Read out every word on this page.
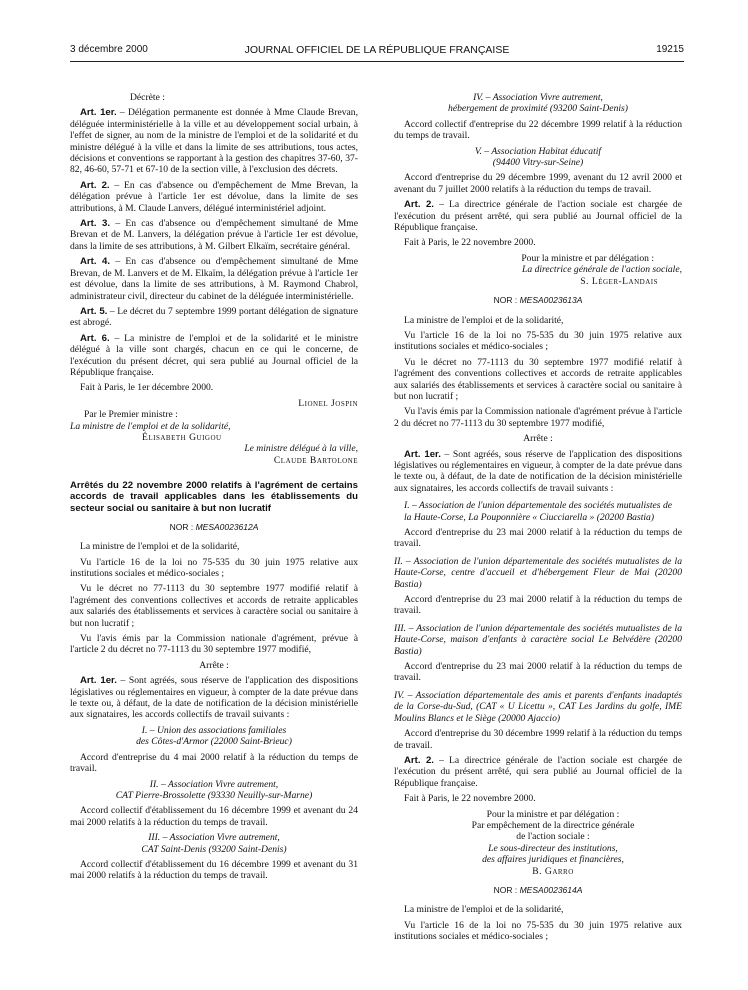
3 décembre 2000	JOURNAL OFFICIEL DE LA RÉPUBLIQUE FRANÇAISE	19215

Décrète :

Art. 1er. – Délégation permanente est donnée à Mme Claude Brevan, déléguée interministérielle à la ville et au développement social urbain, à l'effet de signer, au nom de la ministre de l'emploi et de la solidarité et du ministre délégué à la ville et dans la limite de ses attributions, tous actes, décisions et conventions se rapportant à la gestion des chapitres 37-60, 37-82, 46-60, 57-71 et 67-10 de la section ville, à l'exclusion des décrets.

Art. 2. – En cas d'absence ou d'empêchement de Mme Brevan, la délégation prévue à l'article 1er est dévolue, dans la limite de ses attributions, à M. Claude Lanvers, délégué interministériel adjoint.

Art. 3. – En cas d'absence ou d'empêchement simultané de Mme Brevan et de M. Lanvers, la délégation prévue à l'article 1er est dévolue, dans la limite de ses attributions, à M. Gilbert Elkaïm, secrétaire général.

Art. 4. – En cas d'absence ou d'empêchement simultané de Mme Brevan, de M. Lanvers et de M. Elkaïm, la délégation prévue à l'article 1er est dévolue, dans la limite de ses attributions, à M. Raymond Chabrol, administrateur civil, directeur du cabinet de la déléguée interministérielle.

Art. 5. – Le décret du 7 septembre 1999 portant délégation de signature est abrogé.

Art. 6. – La ministre de l'emploi et de la solidarité et le ministre délégué à la ville sont chargés, chacun en ce qui le concerne, de l'exécution du présent décret, qui sera publié au Journal officiel de la République française.

Fait à Paris, le 1er décembre 2000.

Lionel Jospin

Par le Premier ministre :

La ministre de l'emploi et de la solidarité,

Élisabeth Guigou

Le ministre délégué à la ville,

Claude Bartolone

Arrêtés du 22 novembre 2000 relatifs à l'agrément de certains accords de travail applicables dans les établissements du secteur social ou sanitaire à but non lucratif

NOR : MESA0023612A

La ministre de l'emploi et de la solidarité,

Vu l'article 16 de la loi no 75-535 du 30 juin 1975 relative aux institutions sociales et médico-sociales ;

Vu le décret no 77-1113 du 30 septembre 1977 modifié relatif à l'agrément des conventions collectives et accords de retraite applicables aux salariés des établissements et services à caractère social ou sanitaire à but non lucratif ;

Vu l'avis émis par la Commission nationale d'agrément, prévue à l'article 2 du décret no 77-1113 du 30 septembre 1977 modifié,

Arrête :

Art. 1er. – Sont agréés, sous réserve de l'application des dispositions législatives ou réglementaires en vigueur, à compter de la date prévue dans le texte ou, à défaut, de la date de notification de la décision ministérielle aux signataires, les accords collectifs de travail suivants :

I. – Union des associations familiales

des Côtes-d'Armor (22000 Saint-Brieuc)

Accord d'entreprise du 4 mai 2000 relatif à la réduction du temps de travail.

II. – Association Vivre autrement,

CAT Pierre-Brossolette (93330 Neuilly-sur-Marne)

Accord collectif d'établissement du 16 décembre 1999 et avenant du 24 mai 2000 relatifs à la réduction du temps de travail.

III. – Association Vivre autrement,

CAT Saint-Denis (93200 Saint-Denis)

Accord collectif d'établissement du 16 décembre 1999 et avenant du 31 mai 2000 relatifs à la réduction du temps de travail.

IV. – Association Vivre autrement,

hébergement de proximité (93200 Saint-Denis)

Accord collectif d'entreprise du 22 décembre 1999 relatif à la réduction du temps de travail.

V. – Association Habitat éducatif

(94400 Vitry-sur-Seine)

Accord d'entreprise du 29 décembre 1999, avenant du 12 avril 2000 et avenant du 7 juillet 2000 relatifs à la réduction du temps de travail.

Art. 2. – La directrice générale de l'action sociale est chargée de l'exécution du présent arrêté, qui sera publié au Journal officiel de la République française.

Fait à Paris, le 22 novembre 2000.

Pour la ministre et par délégation :

La directrice générale de l'action sociale,

S. Léger-Landais

NOR : MESA0023613A

La ministre de l'emploi et de la solidarité,

Vu l'article 16 de la loi no 75-535 du 30 juin 1975 relative aux institutions sociales et médico-sociales ;

Vu le décret no 77-1113 du 30 septembre 1977 modifié relatif à l'agrément des conventions collectives et accords de retraite applicables aux salariés des établissements et services à caractère social ou sanitaire à but non lucratif ;

Vu l'avis émis par la Commission nationale d'agrément prévue à l'article 2 du décret no 77-1113 du 30 septembre 1977 modifié,

Arrête :

Art. 1er. – Sont agréés, sous réserve de l'application des dispositions législatives ou réglementaires en vigueur, à compter de la date prévue dans le texte ou, à défaut, de la date de notification de la décision ministérielle aux signataires, les accords collectifs de travail suivants :

I. – Association de l'union départementale des sociétés mutualistes de la Haute-Corse, La Pouponnière « Ciucciarella » (20200 Bastia)

Accord d'entreprise du 23 mai 2000 relatif à la réduction du temps de travail.

II. – Association de l'union départementale des sociétés mutualistes de la Haute-Corse, centre d'accueil et d'hébergement Fleur de Mai (20200 Bastia)

Accord d'entreprise du 23 mai 2000 relatif à la réduction du temps de travail.

III. – Association de l'union départementale des sociétés mutualistes de la Haute-Corse, maison d'enfants à caractère social Le Belvédère (20200 Bastia)

Accord d'entreprise du 23 mai 2000 relatif à la réduction du temps de travail.

IV. – Association départementale des amis et parents d'enfants inadaptés de la Corse-du-Sud, (CAT « U Licettu », CAT Les Jardins du golfe, IME Moulins Blancs et le Siège (20000 Ajaccio)

Accord d'entreprise du 30 décembre 1999 relatif à la réduction du temps de travail.

Art. 2. – La directrice générale de l'action sociale est chargée de l'exécution du présent arrêté, qui sera publié au Journal officiel de la République française.

Fait à Paris, le 22 novembre 2000.

Pour la ministre et par délégation :

Par empêchement de la directrice générale

de l'action sociale :

Le sous-directeur des institutions,

des affaires juridiques et financières,

B. Garro

NOR : MESA0023614A

La ministre de l'emploi et de la solidarité,

Vu l'article 16 de la loi no 75-535 du 30 juin 1975 relative aux institutions sociales et médico-sociales ;
